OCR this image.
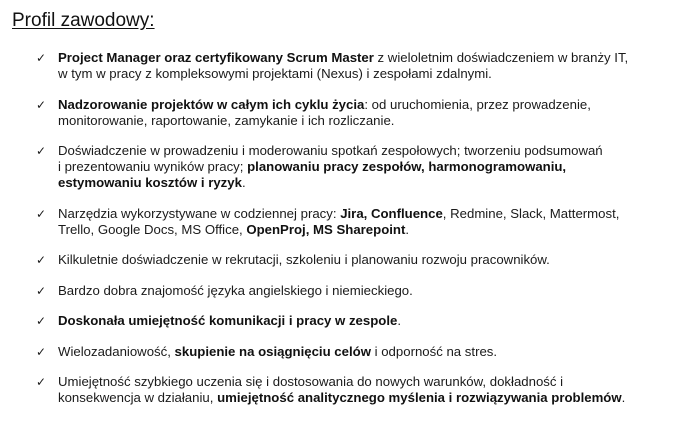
Profil zawodowy:
✓ Project Manager oraz certyfikowany Scrum Master z wieloletnim doświadczeniem w branży IT,
w tym w pracy z kompleksowymi projektami (Nexus) i zespołami zdalnymi.
✓ Nadzorowanie projektów w całym ich cyklu życia: od uruchomienia, przez prowadzenie,
monitorowanie, raportowanie, zamykanie i ich rozliczanie.
✓ Doświadczenie w prowadzeniu i moderowaniu spotkań zespołowych; tworzeniu podsumowań
i prezentowaniu wyników pracy; planowaniu pracy zespołów, harmonogramowaniu,
estymowaniu kosztów i ryzyk.
✓ Narzędzia wykorzystywane w codziennej pracy: Jira, Confluence, Redmine, Slack, Mattermost,
Trello, Google Docs, MS Office, OpenProj, MS Sharepoint.
✓ Kilkuletnie doświadczenie w rekrutacji, szkoleniu i planowaniu rozwoju pracowników.
✓ Bardzo dobra znajomość języka angielskiego i niemieckiego.
✓ Doskonała umiejętność komunikacji i pracy w zespole.
✓ Wielozadaniowość, skupienie na osiągnięciu celów i odporność na stres.
✓ Umiejętność szybkiego uczenia się i dostosowania do nowych warunków, dokładność i
konsekwencja w działaniu, umiejętność analitycznego myślenia i rozwiązywania problemów.
